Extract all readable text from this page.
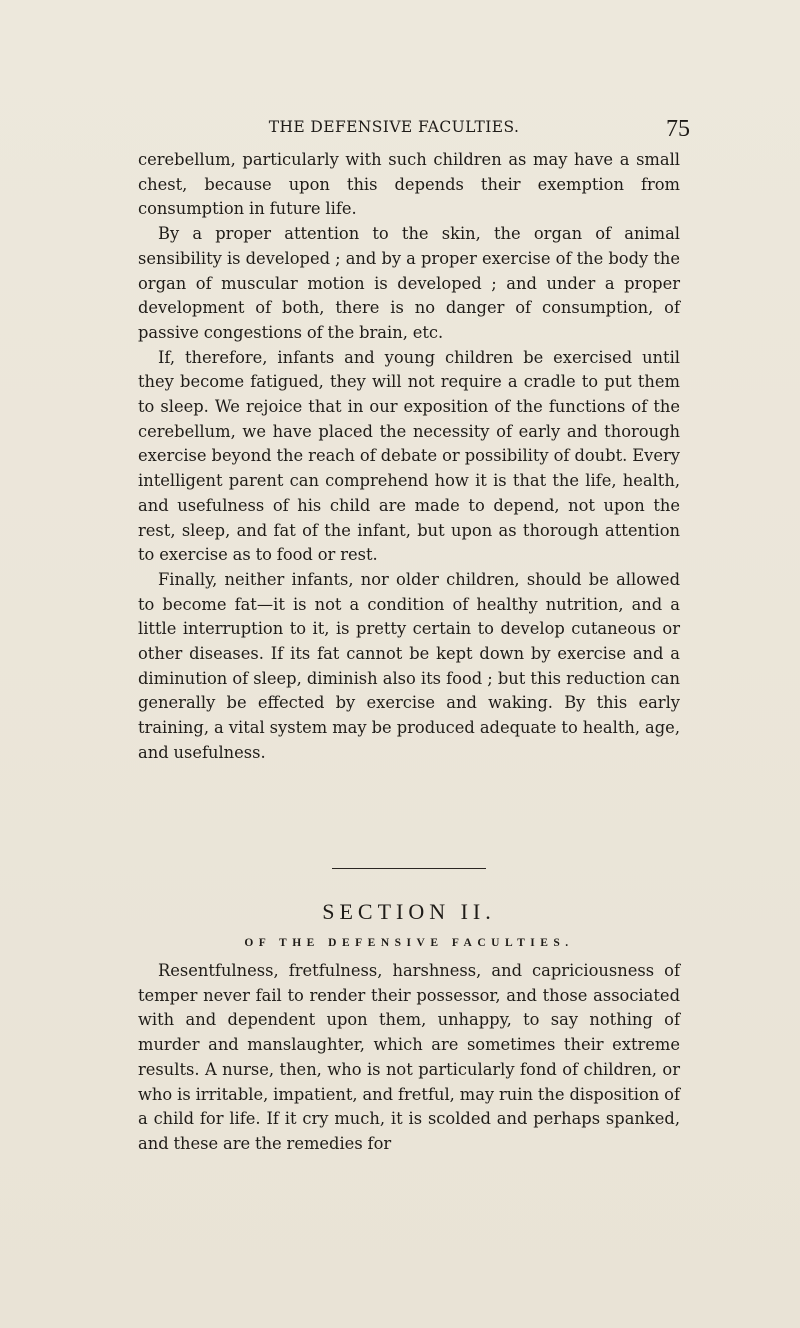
THE DEFENSIVE FACULTIES.	75

cerebellum, particularly with such children as may have a small chest, because upon this depends their exemption from consumption in future life.

By a proper attention to the skin, the organ of animal sensibility is developed ; and by a proper exercise of the body the organ of muscular motion is developed ; and under a proper development of both, there is no danger of consumption, of passive congestions of the brain, etc.

If, therefore, infants and young children be exercised until they become fatigued, they will not require a cradle to put them to sleep. We rejoice that in our exposition of the functions of the cerebellum, we have placed the necessity of early and thorough exercise beyond the reach of debate or possibility of doubt. Every intelligent parent can comprehend how it is that the life, health, and usefulness of his child are made to depend, not upon the rest, sleep, and fat of the infant, but upon as thorough attention to exercise as to food or rest.

Finally, neither infants, nor older children, should be allowed to become fat—it is not a condition of healthy nutrition, and a little interruption to it, is pretty certain to develop cutaneous or other diseases. If its fat cannot be kept down by exercise and a diminution of sleep, diminish also its food ; but this reduction can generally be effected by exercise and waking. By this early training, a vital system may be produced adequate to health, age, and usefulness.

SECTION II.
OF THE DEFENSIVE FACULTIES.

Resentfulness, fretfulness, harshness, and capriciousness of temper never fail to render their possessor, and those associated with and dependent upon them, unhappy, to say nothing of murder and manslaughter, which are sometimes their extreme results. A nurse, then, who is not particularly fond of children, or who is irritable, impatient, and fretful, may ruin the disposition of a child for life. If it cry much, it is scolded and perhaps spanked, and these are the remedies for
